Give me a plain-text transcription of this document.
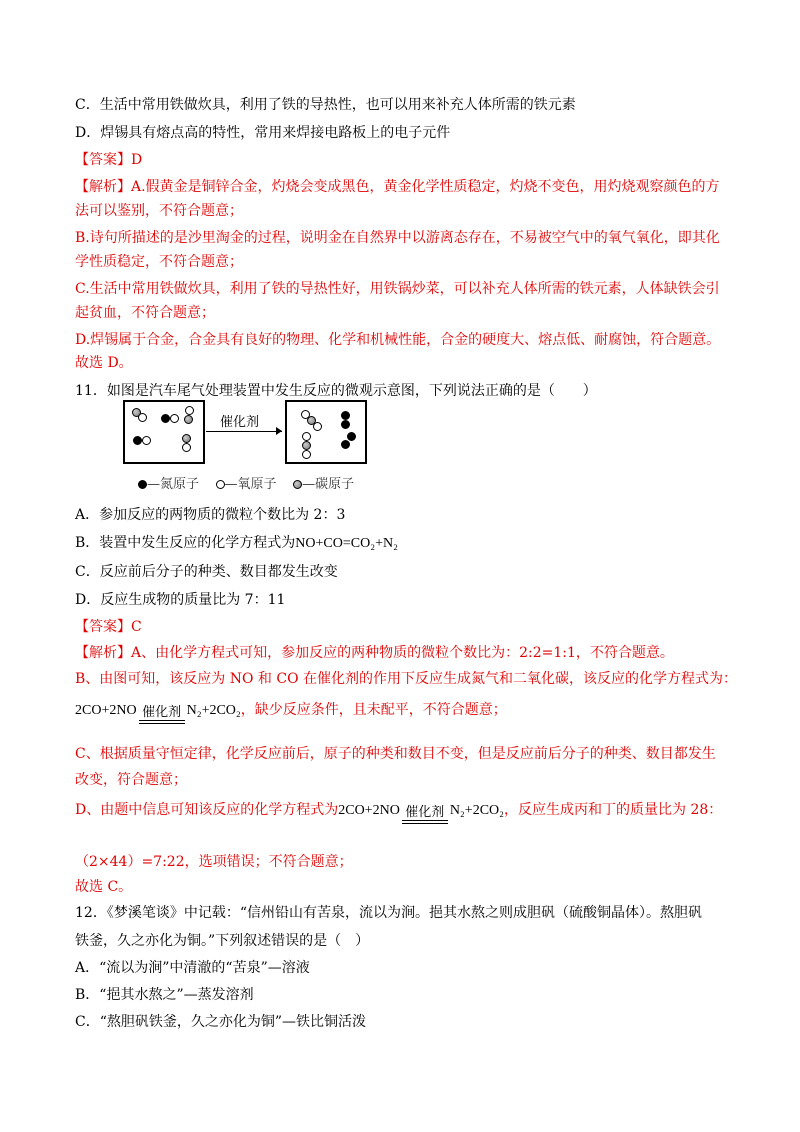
C．生活中常用铁做炊具，利用了铁的导热性，也可以用来补充人体所需的铁元素
D．焊锡具有熔点高的特性，常用来焊接电路板上的电子元件
【答案】D
【解析】A.假黄金是铜锌合金，灼烧会变成黑色，黄金化学性质稳定，灼烧不变色，用灼烧观察颜色的方
法可以鉴别，不符合题意；
B.诗句所描述的是沙里淘金的过程，说明金在自然界中以游离态存在，不易被空气中的氧气氧化，即其化
学性质稳定，不符合题意；
C.生活中常用铁做炊具，利用了铁的导热性好，用铁锅炒菜，可以补充人体所需的铁元素，人体缺铁会引
起贫血，不符合题意；
D.焊锡属于合金，合金具有良好的物理、化学和机械性能，合金的硬度大、熔点低、耐腐蚀，符合题意。
故选 D。
11．如图是汽车尾气处理装置中发生反应的微观示意图，下列说法正确的是（　　）
催化剂
—氮原子 —氧原子 —碳原子
A．参加反应的两物质的微粒个数比为 2：3
B．装置中发生反应的化学方程式为NO+CO=CO₂+N₂
C．反应前后分子的种类、数目都发生改变
D．反应生成物的质量比为 7：11
【答案】C
【解析】A、由化学方程式可知，参加反应的两种物质的微粒个数比为：2:2=1:1，不符合题意。
B、由图可知，该反应为 NO 和 CO 在催化剂的作用下反应生成氮气和二氧化碳，该反应的化学方程式为：
2CO+2NO 催化剂 N₂+2CO₂，缺少反应条件，且未配平，不符合题意；
C、根据质量守恒定律，化学反应前后，原子的种类和数目不变，但是反应前后分子的种类、数目都发生
改变，符合题意；
D、由题中信息可知该反应的化学方程式为2CO+2NO 催化剂 N₂+2CO₂，反应生成丙和丁的质量比为 28：
（2×44）=7:22，选项错误；不符合题意；
故选 C。
12．《梦溪笔谈》中记载：“信州铅山有苦泉，流以为涧。挹其水熬之则成胆矾（硫酸铜晶体）。熬胆矾
铁釜，久之亦化为铜。”下列叙述错误的是（　）
A．“流以为涧”中清澈的“苦泉”—溶液
B．“挹其水熬之”—蒸发溶剂
C．“熬胆矾铁釜，久之亦化为铜”—铁比铜活泼
